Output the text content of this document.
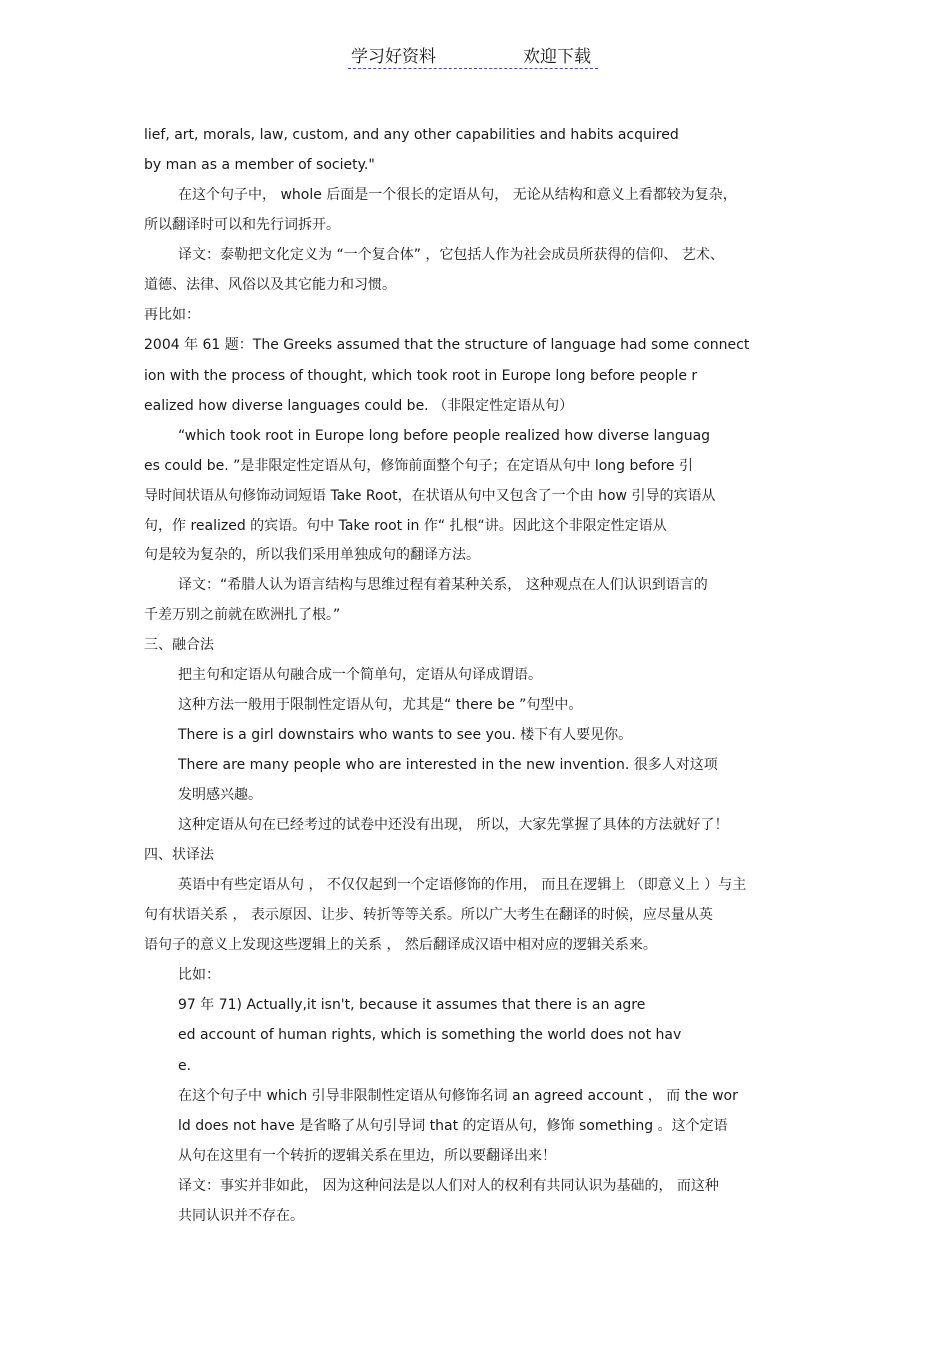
学习好资料	欢迎下载
lief, art, morals, law, custom, and any other capabilities and habits acquired
by man as a member of society."
在这个句子中， whole 后面是一个很长的定语从句， 无论从结构和意义上看都较为复杂，
所以翻译时可以和先行词拆开。
译文：泰勒把文化定义为 “一个复合体” ，它包括人作为社会成员所获得的信仰、 艺术、
道德、法律、风俗以及其它能力和习惯。
再比如：
2004 年 61 题：The Greeks assumed that the structure of language had some connect
ion with the process of thought, which took root in Europe long before people r
ealized how diverse languages could be. （非限定性定语从句）
“which took root in Europe long before people realized how diverse languag
es could be. ”是非限定性定语从句，修饰前面整个句子；在定语从句中 long before 引
导时间状语从句修饰动词短语 Take Root，在状语从句中又包含了一个由 how 引导的宾语从
句，作 realized 的宾语。句中 Take root in 作“ 扎根“讲。因此这个非限定性定语从
句是较为复杂的，所以我们采用单独成句的翻译方法。
译文：“希腊人认为语言结构与思维过程有着某种关系， 这种观点在人们认识到语言的
千差万别之前就在欧洲扎了根。”
三、融合法
把主句和定语从句融合成一个简单句，定语从句译成谓语。
这种方法一般用于限制性定语从句，尤其是“ there be ”句型中。
There is a girl downstairs who wants to see you. 楼下有人要见你。
There are many people who are interested in the new invention. 很多人对这项
发明感兴趣。
这种定语从句在已经考过的试卷中还没有出现， 所以，大家先掌握了具体的方法就好了！
四、状译法
英语中有些定语从句 ， 不仅仅起到一个定语修饰的作用， 而且在逻辑上 （即意义上 ）与主
句有状语关系 ， 表示原因、让步、转折等等关系。所以广大考生在翻译的时候，应尽量从英
语句子的意义上发现这些逻辑上的关系 ， 然后翻译成汉语中相对应的逻辑关系来。
比如：
97 年 71) Actually,it isn't, because it assumes that there is an agre
ed account of human rights, which is something the world does not hav
e.
在这个句子中 which 引导非限制性定语从句修饰名词 an agreed account ， 而 the wor
ld does not have 是省略了从句引导词 that 的定语从句，修饰 something 。这个定语
从句在这里有一个转折的逻辑关系在里边，所以要翻译出来！
译文：事实并非如此， 因为这种问法是以人们对人的权利有共同认识为基础的， 而这种
共同认识并不存在。
